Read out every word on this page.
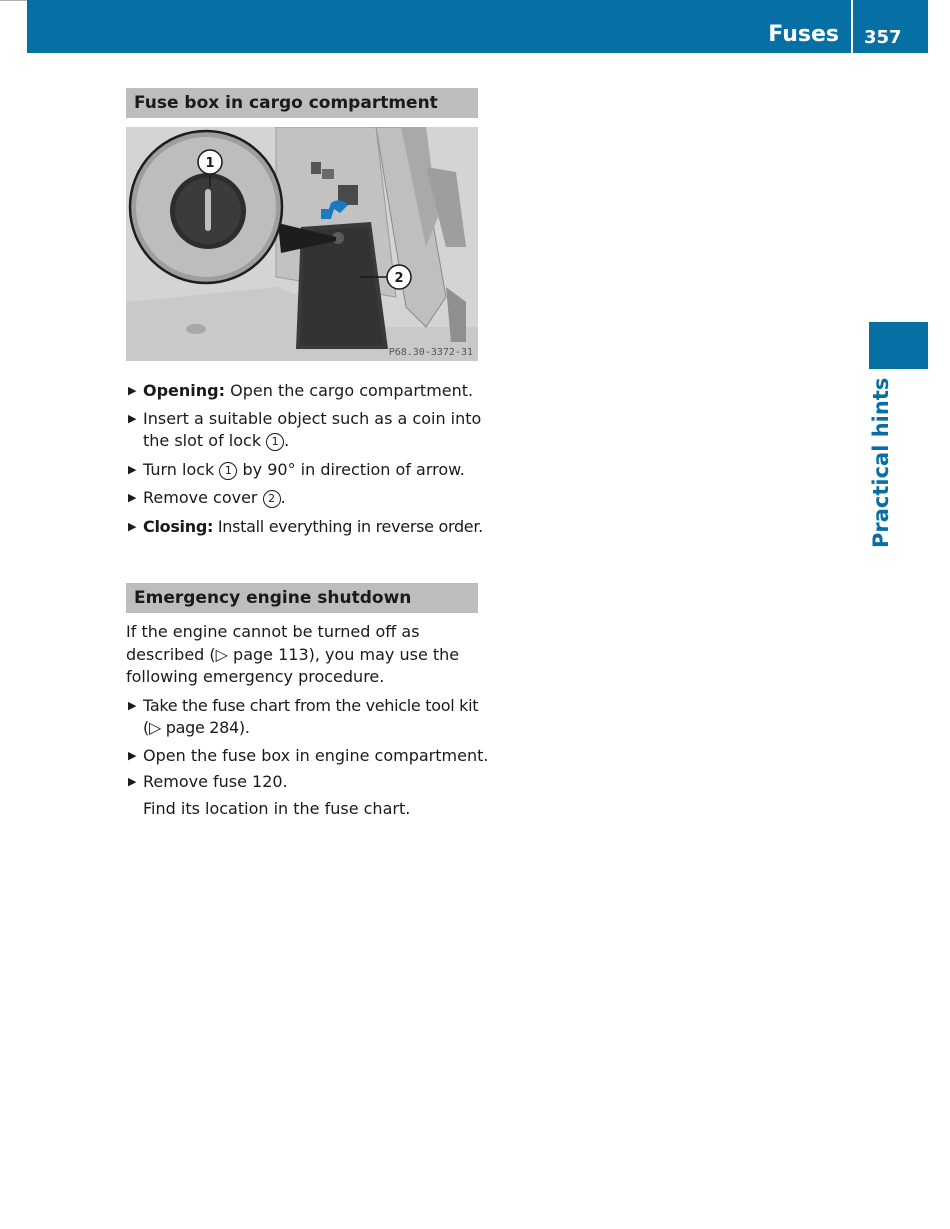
Fuses 357
Practical hints
Fuse box in cargo compartment
1
2
P68.30-3372-31
▶ Opening: Open the cargo compartment.
▶ Insert a suitable object such as a coin into
the slot of lock 1 .
▶ Turn lock 1 by 90° in direction of arrow.
▶ Remove cover 2 .
▶ Closing: Install everything in reverse order.
Emergency engine shutdown
If the engine cannot be turned off as
described (▷ page 113), you may use the
following emergency procedure.
▶ Take the fuse chart from the vehicle tool kit
(▷ page 284).
▶ Open the fuse box in engine compartment.
▶ Remove fuse 120.
Find its location in the fuse chart.
